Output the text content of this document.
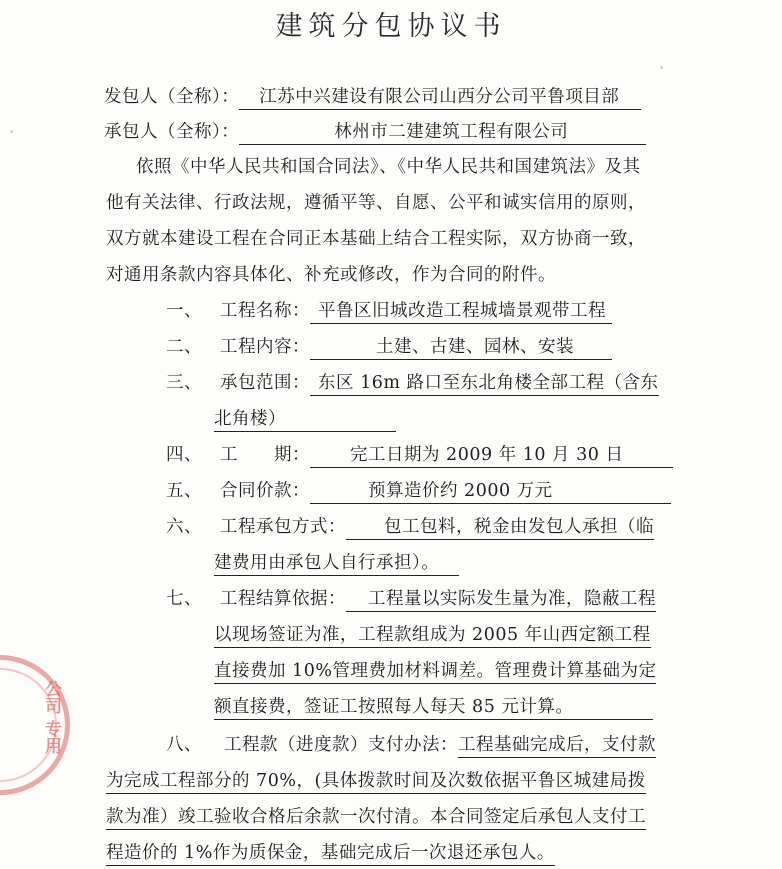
建筑分包协议书
发包人（全称）： 江苏中兴建设有限公司山西分公司平鲁项目部
承包人（全称）：	林州市二建建筑工程有限公司
依照《中华人民共和国合同法》、《中华人民共和国建筑法》及其
他有关法律、行政法规，遵循平等、自愿、公平和诚实信用的原则，
双方就本建设工程在合同正本基础上结合工程实际，双方协商一致，
对通用条款内容具体化、补充或修改，作为合同的附件。
一、 工程名称： 平鲁区旧城改造工程城墙景观带工程
二、 工程内容：	土建、古建、园林、安装
三、 承包范围： 东区 16m 路口至东北角楼全部工程（含东
北角楼）
四、 工　　期： 完工日期为 2009 年 10 月 30 日
五、 合同价款：	预算造价约 2000 万元
六、 工程承包方式： 包工包料，税金由发包人承担（临
建费用由承包人自行承担）。
七、 工程结算依据： 工程量以实际发生量为准，隐蔽工程
以现场签证为准，工程款组成为 2005 年山西定额工程
直接费加 10%管理费加材料调差。管理费计算基础为定
额直接费，签证工按照每人每天 85 元计算。
八、 工程款（进度款）支付办法：工程基础完成后，支付款
为完成工程部分的 70%，(具体拨款时间及次数依据平鲁区城建局拨
款为准）竣工验收合格后余款一次付清。本合同签定后承包人支付工
程造价的 1%作为质保金，基础完成后一次退还承包人。
公司 专用
